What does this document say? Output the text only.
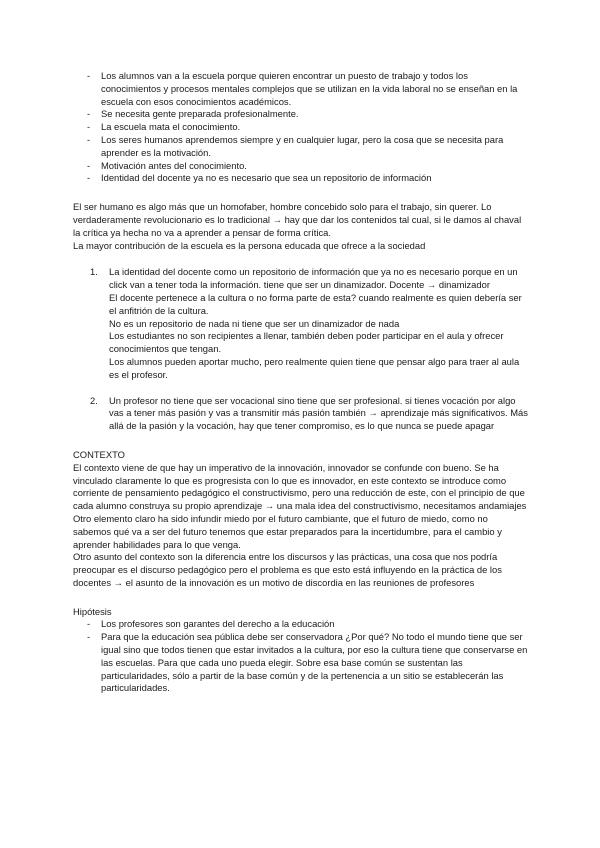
- Los alumnos van a la escuela porque quieren encontrar un puesto de trabajo y todos los conocimientos y procesos mentales complejos que se utilizan en la vida laboral no se enseñan en la escuela con esos conocimientos académicos.
- Se necesita gente preparada profesionalmente.
- La escuela mata el conocimiento.
- Los seres humanos aprendemos siempre y en cualquier lugar, pero la cosa que se necesita para aprender es la motivación.
- Motivación antes del conocimiento.
- Identidad del docente ya no es necesario que sea un repositorio de información

El ser humano es algo más que un homofaber, hombre concebido solo para el trabajo, sin querer. Lo verdaderamente revolucionario es lo tradicional → hay que dar los contenidos tal cual, si le damos al chaval la crítica ya hecha no va a aprender a pensar de forma crítica.

La mayor contribución de la escuela es la persona educada que ofrece a la sociedad

1. La identidad del docente como un repositorio de información que ya no es necesario porque en un click van a tener toda la información. tiene que ser un dinamizador. Docente → dinamizador

El docente pertenece a la cultura o no forma parte de esta? cuando realmente es quien debería ser el anfitrión de la cultura.

No es un repositorio de nada ni tiene que ser un dinamizador de nada

Los estudiantes no son recipientes a llenar, también deben poder participar en el aula y ofrecer conocimientos que tengan.

Los alumnos pueden aportar mucho, pero realmente quien tiene que pensar algo para traer al aula es el profesor.

2. Un profesor no tiene que ser vocacional sino tiene que ser profesional. si tienes vocación por algo vas a tener más pasión y vas a transmitir más pasión también → aprendizaje más significativos. Más allá de la pasión y la vocación, hay que tener compromiso, es lo que nunca se puede apagar

CONTEXTO

El contexto viene de que hay un imperativo de la innovación, innovador se confunde con bueno. Se ha vinculado claramente lo que es progresista con lo que es innovador, en este contexto se introduce como corriente de pensamiento pedagógico el constructivismo, pero una reducción de este, con el principio de que cada alumno construya su propio aprendizaje → una mala idea del constructivismo, necesitamos andamiajes

Otro elemento claro ha sido infundir miedo por el futuro cambiante, que el futuro de miedo, como no sabemos qué va a ser del futuro tenemos que estar preparados para la incertidumbre, para el cambio y aprender habilidades para lo que venga.

Otro asunto del contexto son la diferencia entre los discursos y las prácticas, una cosa que nos podría preocupar es el discurso pedagógico pero el problema es que esto está influyendo en la práctica de los docentes → el asunto de la innovación es un motivo de discordia en las reuniones de profesores

Hipótesis

- Los profesores son garantes del derecho a la educación
- Para que la educación sea pública debe ser conservadora ¿Por qué? No todo el mundo tiene que ser igual sino que todos tienen que estar invitados a la cultura, por eso la cultura tiene que conservarse en las escuelas. Para que cada uno pueda elegir. Sobre esa base común se sustentan las particularidades, sólo a partir de la base común y de la pertenencia a un sitio se establecerán las particularidades.
